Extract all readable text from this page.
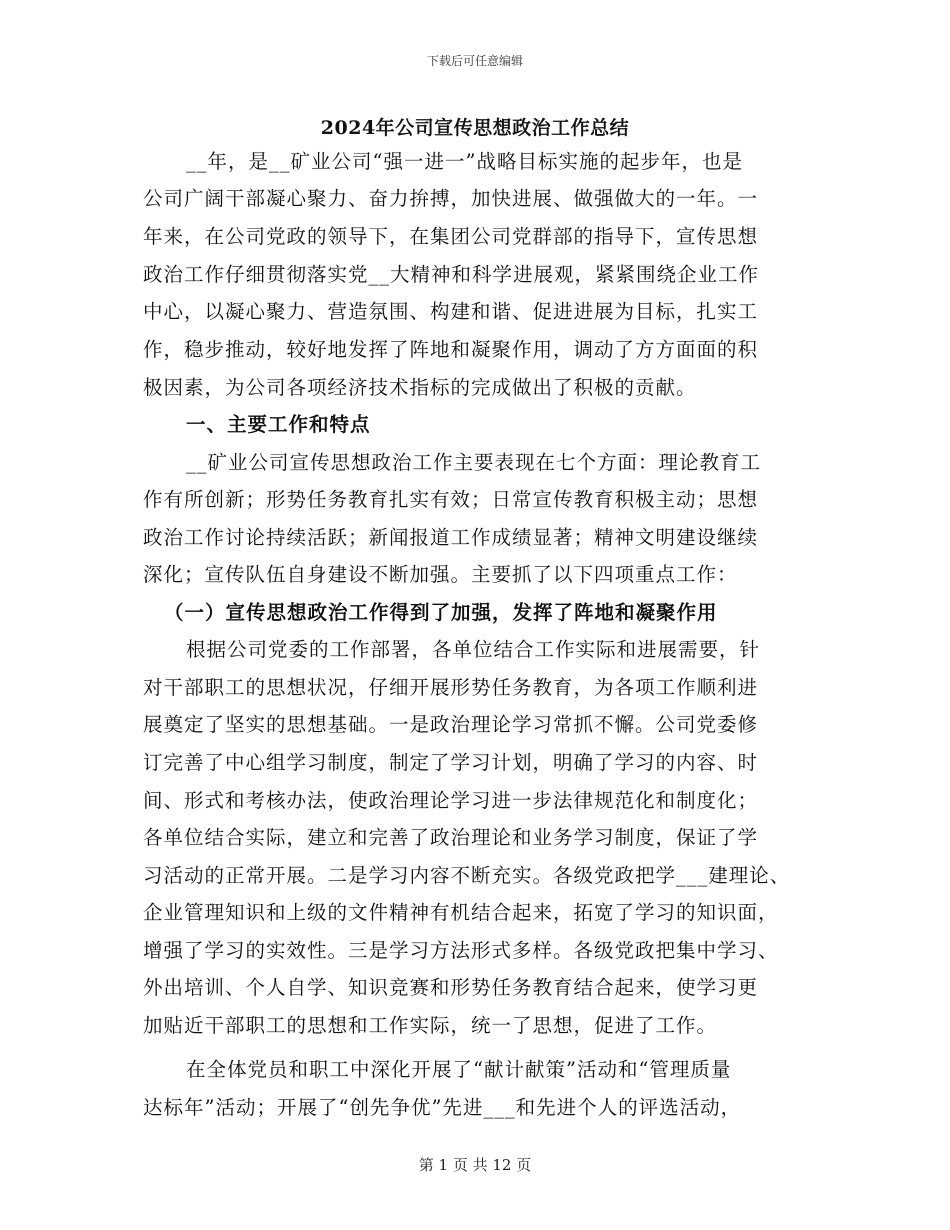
下载后可任意编辑
2024年公司宣传思想政治工作总结
__年，是__矿业公司“强一进一”战略目标实施的起步年，也是
公司广阔干部凝心聚力、奋力拚搏，加快进展、做强做大的一年。一
年来，在公司党政的领导下，在集团公司党群部的指导下，宣传思想
政治工作仔细贯彻落实党__大精神和科学进展观，紧紧围绕企业工作
中心，以凝心聚力、营造氛围、构建和谐、促进进展为目标，扎实工
作，稳步推动，较好地发挥了阵地和凝聚作用，调动了方方面面的积
极因素，为公司各项经济技术指标的完成做出了积极的贡献。
一、主要工作和特点
__矿业公司宣传思想政治工作主要表现在七个方面：理论教育工
作有所创新；形势任务教育扎实有效；日常宣传教育积极主动；思想
政治工作讨论持续活跃；新闻报道工作成绩显著；精神文明建设继续
深化；宣传队伍自身建设不断加强。主要抓了以下四项重点工作：
（一）宣传思想政治工作得到了加强，发挥了阵地和凝聚作用
根据公司党委的工作部署，各单位结合工作实际和进展需要，针
对干部职工的思想状况，仔细开展形势任务教育，为各项工作顺利进
展奠定了坚实的思想基础。一是政治理论学习常抓不懈。公司党委修
订完善了中心组学习制度，制定了学习计划，明确了学习的内容、时
间、形式和考核办法，使政治理论学习进一步法律规范化和制度化；
各单位结合实际，建立和完善了政治理论和业务学习制度，保证了学
习活动的正常开展。二是学习内容不断充实。各级党政把学___建理论、
企业管理知识和上级的文件精神有机结合起来，拓宽了学习的知识面，
增强了学习的实效性。三是学习方法形式多样。各级党政把集中学习、
外出培训、个人自学、知识竞赛和形势任务教育结合起来，使学习更
加贴近干部职工的思想和工作实际，统一了思想，促进了工作。
在全体党员和职工中深化开展了“献计献策”活动和“管理质量
达标年”活动；开展了“创先争优”先进___和先进个人的评选活动，
第 1 页 共 12 页
